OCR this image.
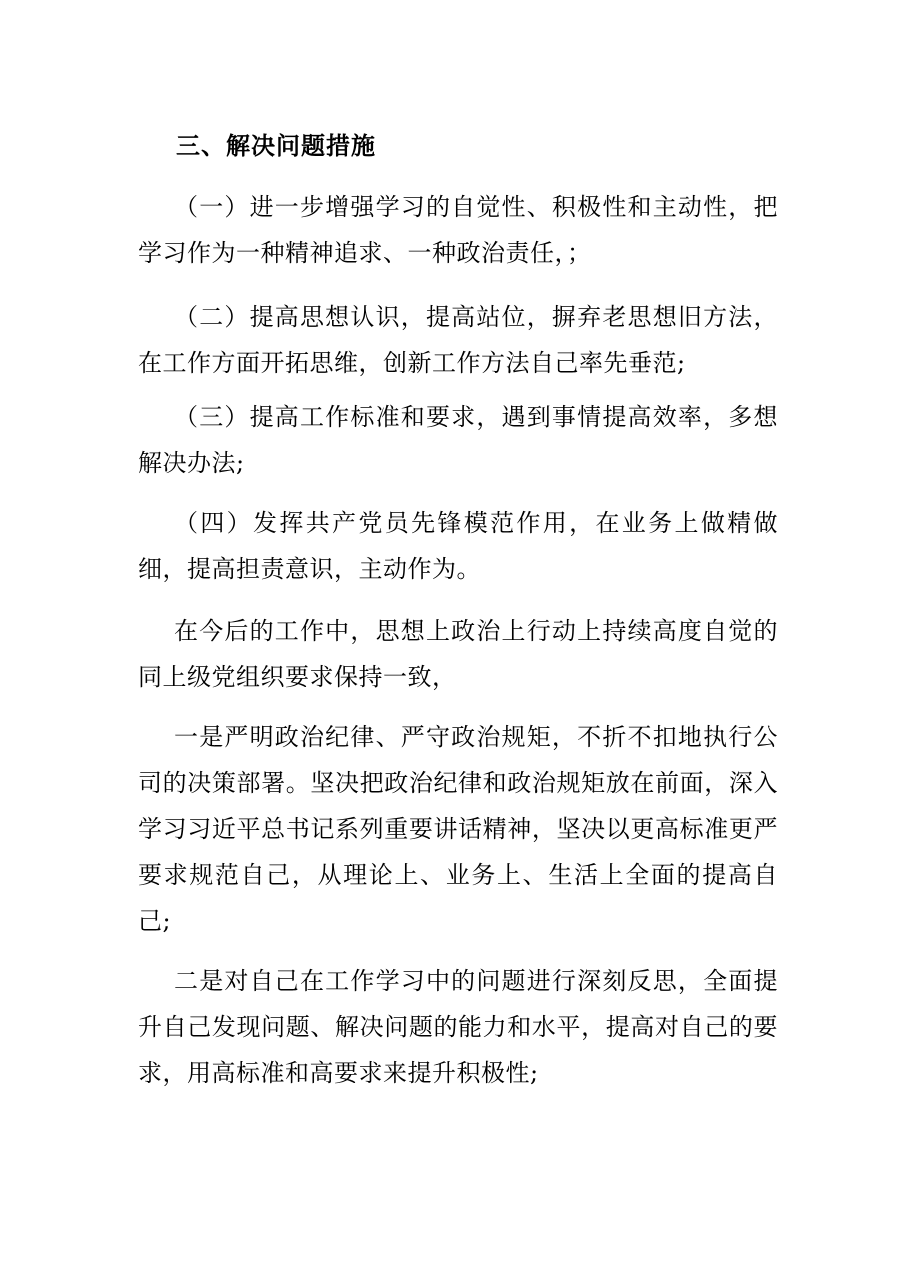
三、解决问题措施

（一）进一步增强学习的自觉性、积极性和主动性，把学习作为一种精神追求、一种政治责任，；

（二）提高思想认识，提高站位，摒弃老思想旧方法，在工作方面开拓思维，创新工作方法自己率先垂范;

（三）提高工作标准和要求，遇到事情提高效率，多想解决办法;

（四）发挥共产党员先锋模范作用，在业务上做精做细，提高担责意识，主动作为。

在今后的工作中，思想上政治上行动上持续高度自觉的同上级党组织要求保持一致，

一是严明政治纪律、严守政治规矩，不折不扣地执行公司的决策部署。坚决把政治纪律和政治规矩放在前面，深入学习习近平总书记系列重要讲话精神，坚决以更高标准更严要求规范自己，从理论上、业务上、生活上全面的提高自己;

二是对自己在工作学习中的问题进行深刻反思，全面提升自己发现问题、解决问题的能力和水平，提高对自己的要求，用高标准和高要求来提升积极性;
